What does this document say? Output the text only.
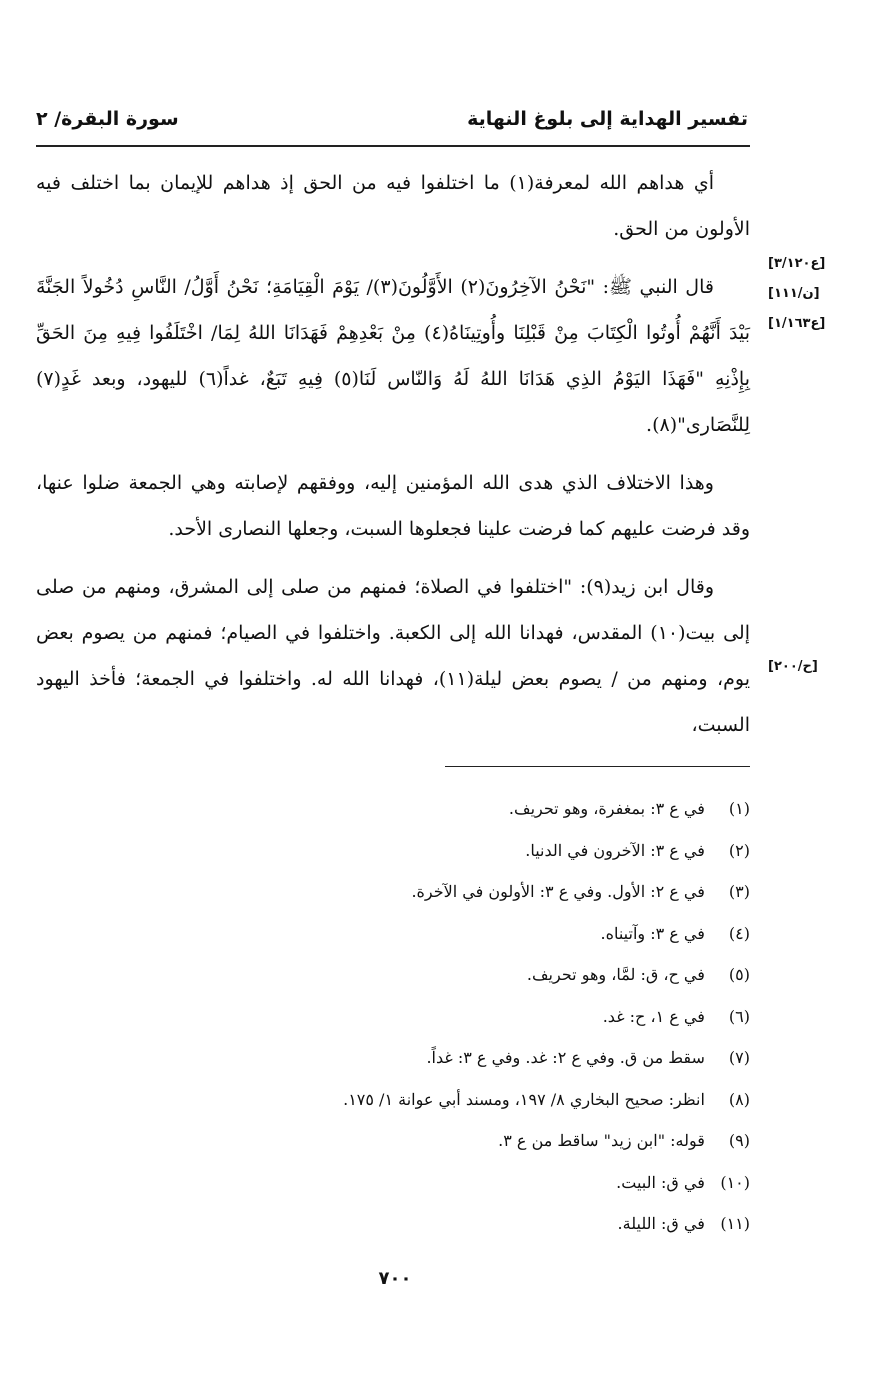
تفسير الهداية إلى بلوغ النهاية
سورة البقرة/ ٢

أي هداهم الله لمعرفة(١) ما اختلفوا فيه من الحق إذ هداهم للإيمان بما اختلف فيه الأولون من الحق.

قال النبي ﷺ: "نَحْنُ الآخِرُونَ(٢) الأَوَّلُونَ(٣)/ يَوْمَ الْقِيَامَةِ؛ نَحْنُ أَوَّلُ/ النَّاسِ دُخُولاً الجَنَّةَ بَيْدَ أَنَّهُمْ أُوتُوا الْكِتَابَ مِنْ قَبْلِنَا وأُوتِينَاهُ(٤) مِنْ بَعْدِهِمْ فَهَدَانَا اللهُ لِمَا/ اخْتَلَفُوا فِيهِ مِنَ الحَقِّ بِإِذْنِهِ "فَهَذَا اليَوْمُ الذِي هَدَانَا اللهُ لَهُ وَالنّاس لَنَا(٥) فِيهِ تَبَعٌ، غداً(٦) لليهود، وبعد غَدٍ(٧) لِلنَّصَارى"(٨).

وهذا الاختلاف الذي هدى الله المؤمنين إليه، ووفقهم لإصابته وهي الجمعة ضلوا عنها، وقد فرضت عليهم كما فرضت علينا فجعلوها السبت، وجعلها النصارى الأحد.

وقال ابن زيد(٩): "اختلفوا في الصلاة؛ فمنهم من صلى إلى المشرق، ومنهم من صلى إلى بيت(١٠) المقدس، فهدانا الله إلى الكعبة. واختلفوا في الصيام؛ فمنهم من يصوم بعض يوم، ومنهم من / يصوم بعض ليلة(١١)، فهدانا الله له. واختلفوا في الجمعة؛ فأخذ اليهود السبت،

[ع٣/١٢٠]
[ن/١١١]
[ع١/١٦٣]
[ح/٢٠٠]
(١) في ع ٣: بمغفرة، وهو تحريف.
(٢) في ع ٣: الآخرون في الدنيا.
(٣) في ع ٢: الأول. وفي ع ٣: الأولون في الآخرة.
(٤) في ع ٣: وآتيناه.
(٥) في ح، ق: لمَّا، وهو تحريف.
(٦) في ع ١، ح: غد.
(٧) سقط من ق. وفي ع ٢: غد. وفي ع ٣: غداً.
(٨) انظر: صحيح البخاري ٨/ ١٩٧، ومسند أبي عوانة ١/ ١٧٥.
(٩) قوله: "ابن زيد" ساقط من ع ٣.
(١٠) في ق: البيت.
(١١) في ق: الليلة.
٧٠٠
